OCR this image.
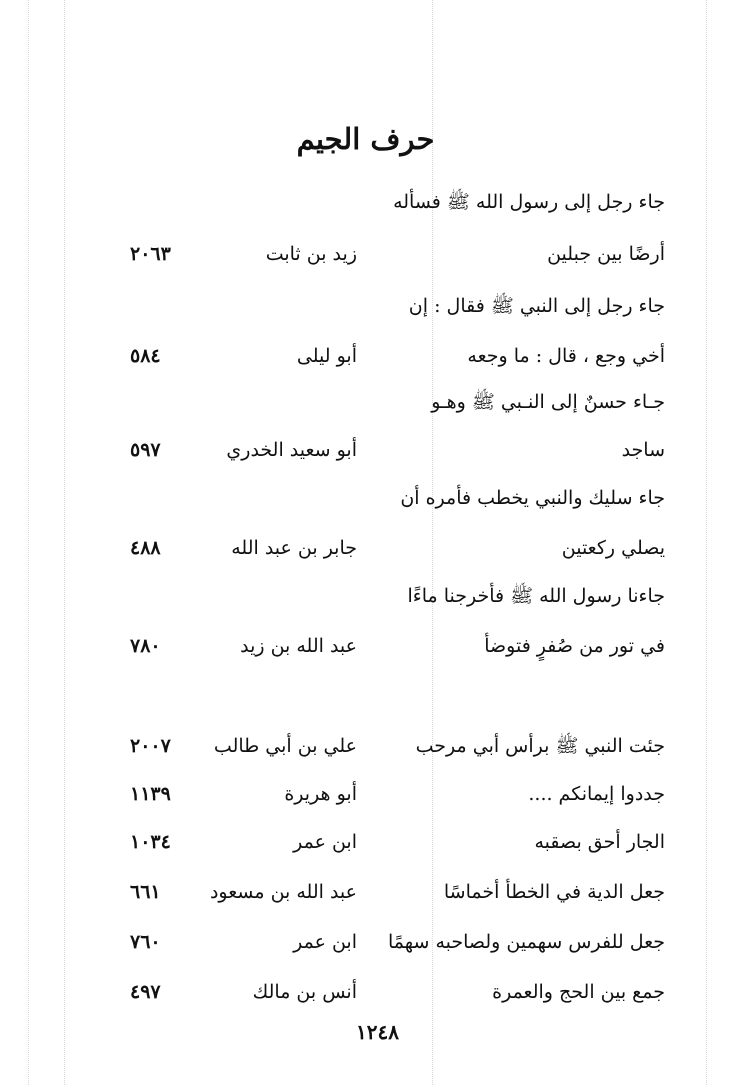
حرف الجيم
جاء رجل إلى رسول الله ﷺ فسأله
أرضًا بين جبلين
زيد بن ثابت
٢٠٦٣
جاء رجل إلى النبي ﷺ فقال : إن
أخي وجع ، قال : ما وجعه
أبو ليلى
٥٨٤
جـاء حسنٌ إلى النـبي ﷺ وهـو
ساجد
أبو سعيد الخدري
٥٩٧
جاء سليك والنبي يخطب فأمره أن
يصلي ركعتين
جابر بن عبد الله
٤٨٨
جاءنا رسول الله ﷺ فأخرجنا ماءًا
في تور من صُفرٍ فتوضأ
عبد الله بن زيد
٧٨٠
جئت النبي ﷺ برأس أبي مرحب
علي بن أبي طالب
٢٠٠٧
جددوا إيمانكم ....
أبو هريرة
١١٣٩
الجار أحق بصقبه
ابن عمر
١٠٣٤
جعل الدية في الخطأ أخماسًا
عبد الله بن مسعود
٦٦١
جعل للفرس سهمين ولصاحبه سهمًا
ابن عمر
٧٦٠
جمع بين الحج والعمرة
أنس بن مالك
٤٩٧
١٢٤٨
